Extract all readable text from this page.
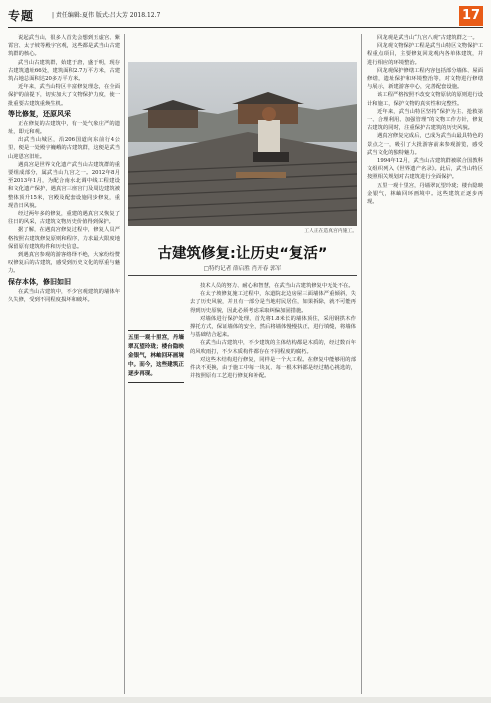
专题	| 责任编辑:夏伟 版式:吕大芳 2018.12.7	17

说起武当山，很多人首先会想到玉虚宫、紫霄宫、太子坡等殿宇宫观，这些都是武当山古建筑群的核心。

武当山古建筑群，始建于唐，盛于明，现存古建筑遗址66处，建筑面积2.7万平方米，古建筑占地总面积达20多万平方米。

近年来，武当山特区丰富修复理念，在全面保护的前提下，切实加大了文物保护力度，使一批重要古建筑重焕生机。

等比修复，还原风采

正在修复的古建筑中，有一处气象庄严的遗址，即元和观。

出武当山城区，沿206国道向东前行4公里，便是一处殿宇巍峨的古建筑群，这便是武当山迎恩宫旧址。

遇真宫是世界文化遗产武当山古建筑群的重要组成部分，属武当山九宫之一。2012年8月至2013年1月，为配合南水北调中线工程建设和文化遗产保护，遇真宫三座宫门及周边建筑被整体顶升15米，宫殿及配套设施同步修复，重现昔日风貌。

经过两年多的修复，重建的遇真宫又恢复了往日的风采，古建筑文物历史价值得到保护。

据了解，在遇真宫修复过程中，修复人员严格按照古建筑修复原则和程序，力求最大限度地保留原有建筑构件和历史信息。

到遇真宫参观的游客络绎不绝，大家纷纷赞叹修复后的古建筑，感受到历史文化的厚重与魅力。

保存本体，修旧如旧

在武当山古建筑中，不少宫观建筑的墙体年久失修，受到不同程度损坏和破坏。

工人正在造真宫内施工。
古建筑修复:让历史“复活”
□特约记者 薛启胜 肖开春 郭军
五里一观十里宫，丹墙翠瓦望玲珑；楼台隐映金银气，林岫回环画境中。而今，这些建筑正逐步再现。

技术人员的努力、耐心和智慧，在武当山古建筑修复中无处不在。

在太子坡修复施工过程中，东道院北边房屋三面墙体严重倾斜，失去了历史风貌，并且有一部分是当地村民居住，如果拆除，就不可能再得到历史原貌，因此必须考虑采取纠偏加固措施。

对墙体进行保护处理，首先将1.8米长的墙体顶住，采用钢拱木作撑托方式，保证墙体的安全，然后将墙体慢慢扶正，进行填缝，将墙体与基础结合起来。

在武当山古建筑中，不少建筑的主体结构都是木质的，经过数百年的风吹雨打，不少木质构件都存在不同程度的腐朽。

对这些木结构进行修复，同样是一个大工程。在修复中能够用的部件决不更换，由于施工中每一块瓦、每一根木料都是经过精心挑选的，并按照原有工艺进行修复和补配。

回龙观是武当山“九宫八观”古建筑群之一。

回龙观文物保护工程是武当山特区文物保护工程重点项目，主要修复回龙观内各单体建筑，并进行相应的环境整治。

回龙观保护修缮工程内容包括部分墙体、屋面修缮，遗址保护和环境整治等，对文物进行修缮与展示，新建游客中心，完善配套设施。

该工程严格按照不改变文物原状的原则进行设计和施工，保护文物的真实性和完整性。

近年来，武当山特区坚持“保护为主、抢救第一、合理利用、加强管理”的文物工作方针，修复古建筑的同时，注重保护古建筑的历史风貌。

遇真宫修复完成后，已成为武当山最具特色的景点之一，吸引了大批游客前来参观游览，感受武当文化的独特魅力。

1994年12月，武当山古建筑群被联合国教科文组织列入《世界遗产名录》。此后，武当山特区按照相关规划对古建筑进行全面保护。

五里一观十里宫，丹墙翠瓦望玲珑；楼台隐映金银气，林岫回环画境中。这些建筑正逐步再现。
